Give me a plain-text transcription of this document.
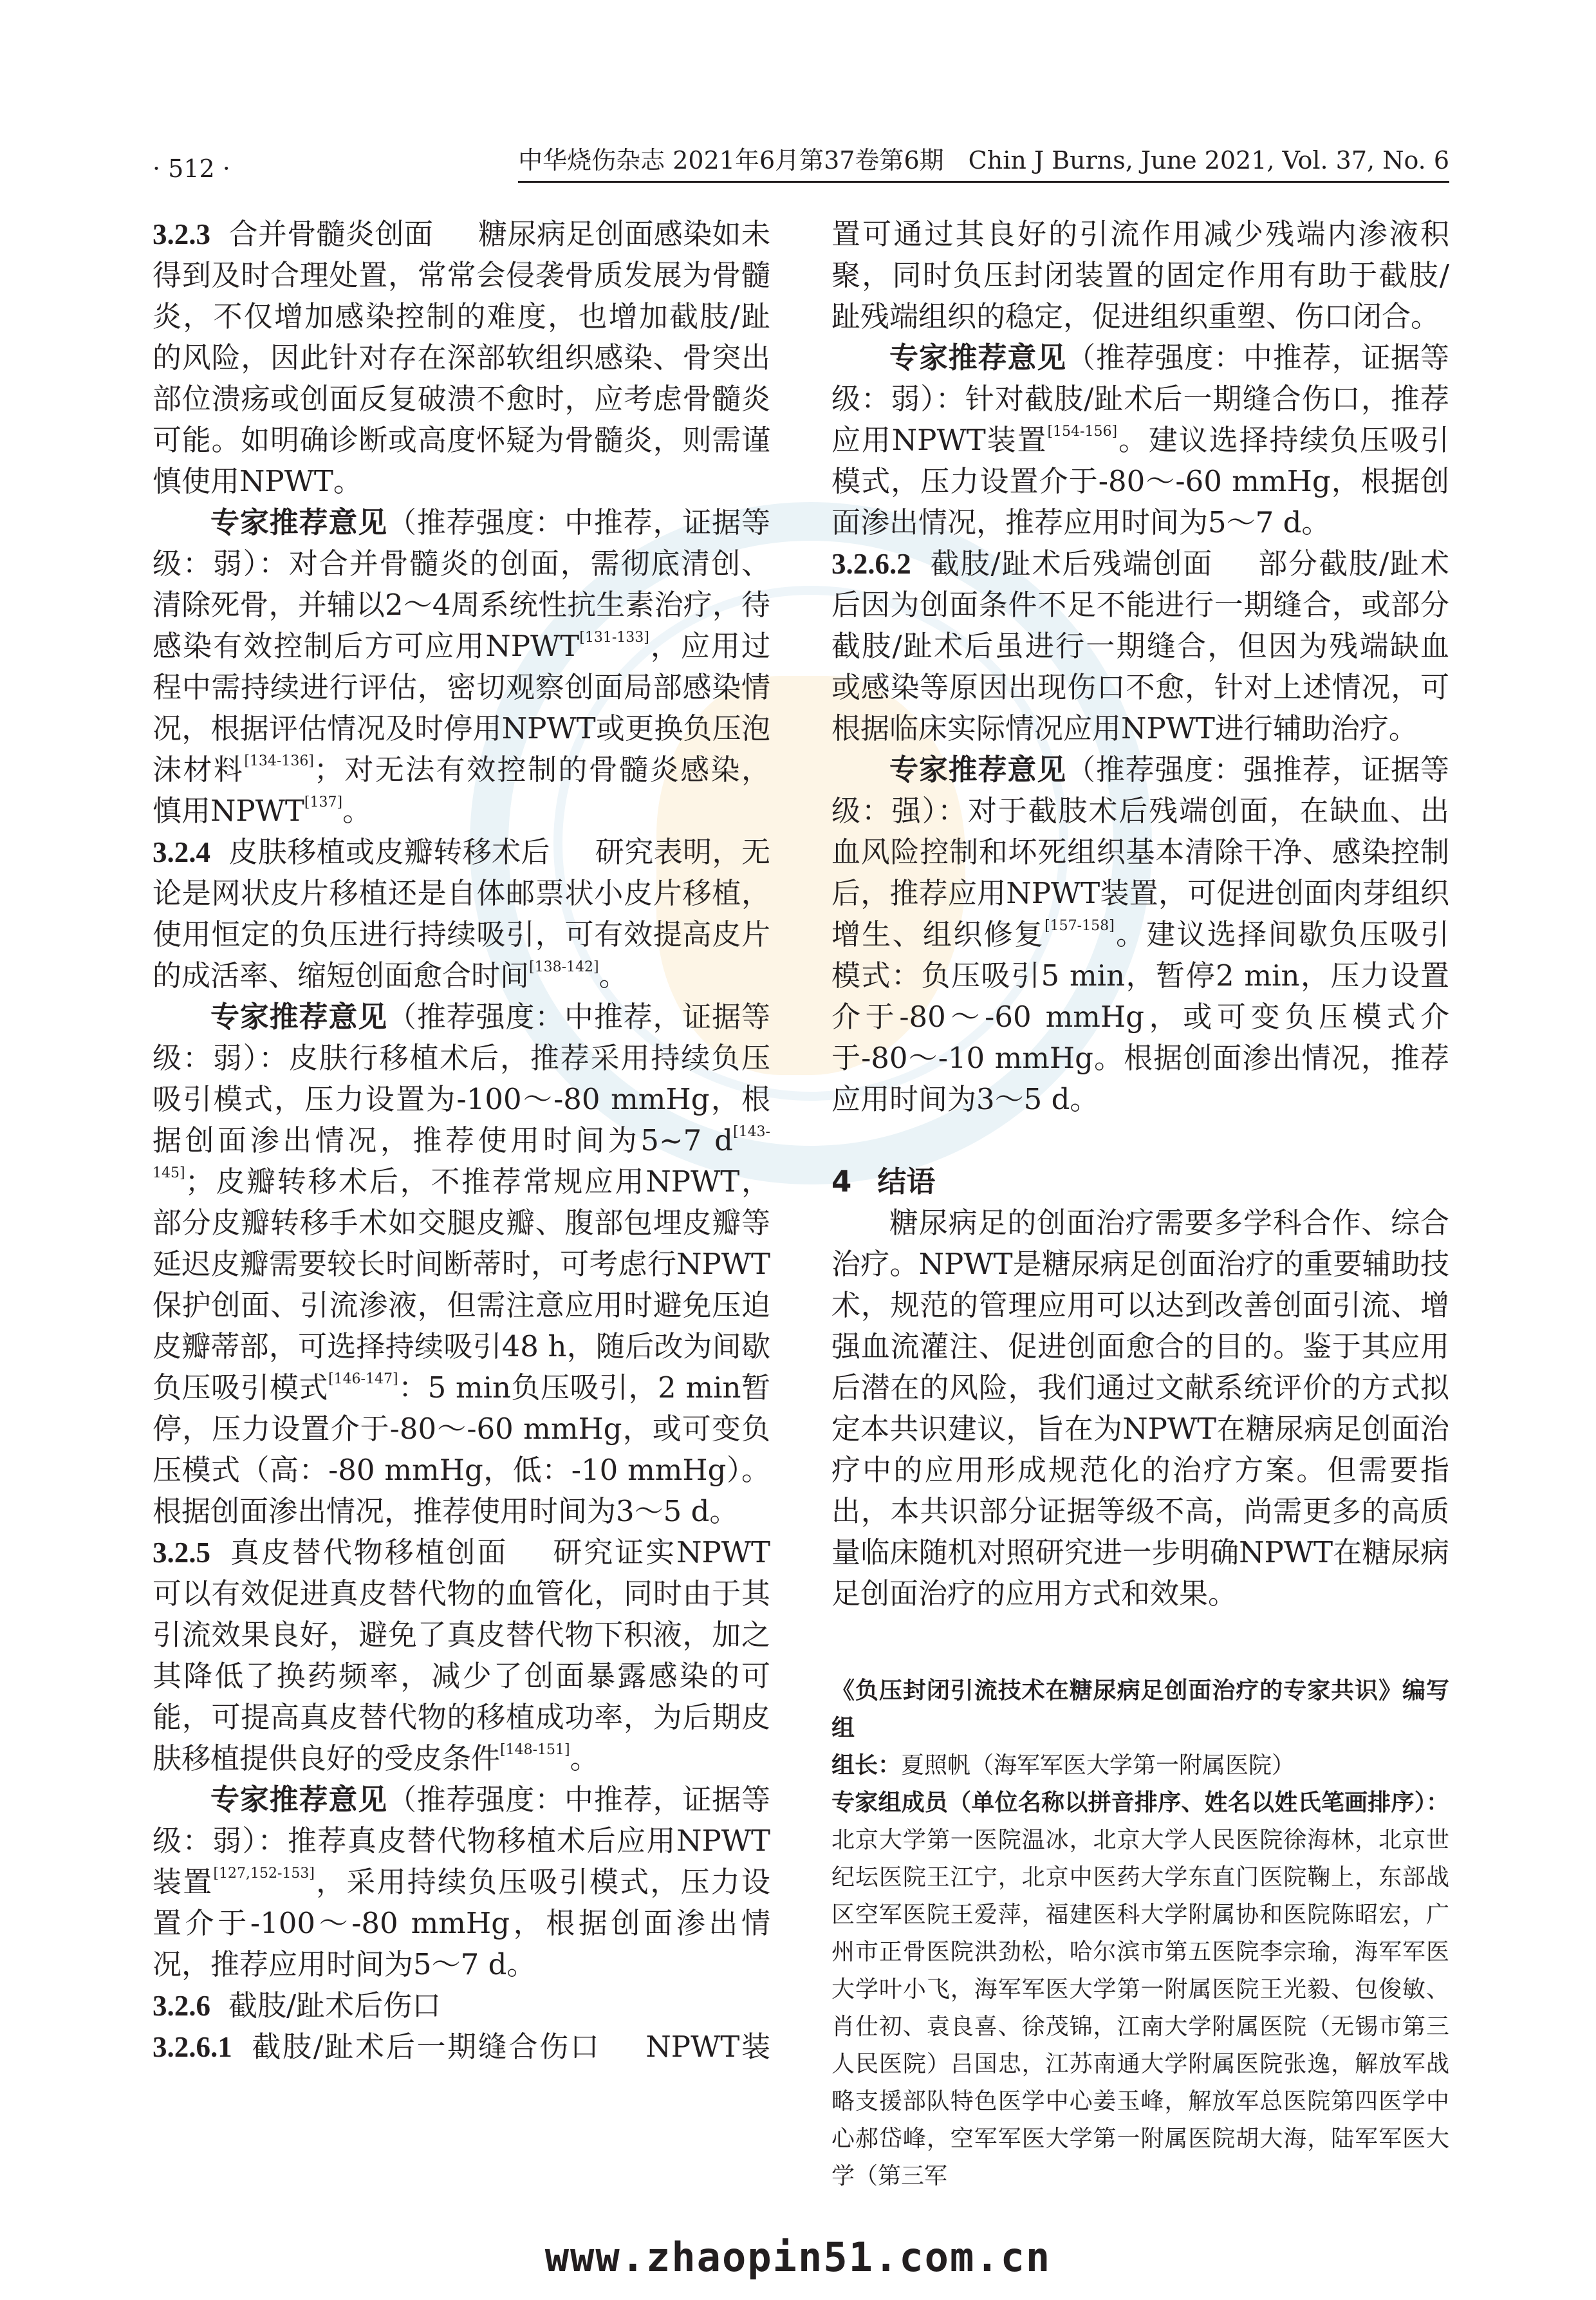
· 512 ·	中华烧伤杂志 2021年6月第37卷第6期　Chin J Burns, June 2021, Vol. 37, No. 6
3.2.3 合并骨髓炎创面 糖尿病足创面感染如未得到及时合理处置，常常会侵袭骨质发展为骨髓炎，不仅增加感染控制的难度，也增加截肢/趾的风险，因此针对存在深部软组织感染、骨突出部位溃疡或创面反复破溃不愈时，应考虑骨髓炎可能。如明确诊断或高度怀疑为骨髓炎，则需谨慎使用NPWT。
专家推荐意见（推荐强度：中推荐，证据等级：弱）：对合并骨髓炎的创面，需彻底清创、清除死骨，并辅以2～4周系统性抗生素治疗，待感染有效控制后方可应用NPWT[131-133]，应用过程中需持续进行评估，密切观察创面局部感染情况，根据评估情况及时停用NPWT或更换负压泡沫材料[134-136]；对无法有效控制的骨髓炎感染，慎用NPWT[137]。
3.2.4 皮肤移植或皮瓣转移术后 研究表明，无论是网状皮片移植还是自体邮票状小皮片移植，使用恒定的负压进行持续吸引，可有效提高皮片的成活率、缩短创面愈合时间[138-142]。
专家推荐意见（推荐强度：中推荐，证据等级：弱）：皮肤行移植术后，推荐采用持续负压吸引模式，压力设置为-100～-80 mmHg，根据创面渗出情况，推荐使用时间为5~7 d[143-145]；皮瓣转移术后，不推荐常规应用NPWT，部分皮瓣转移手术如交腿皮瓣、腹部包埋皮瓣等延迟皮瓣需要较长时间断蒂时，可考虑行NPWT保护创面、引流渗液，但需注意应用时避免压迫皮瓣蒂部，可选择持续吸引48 h，随后改为间歇负压吸引模式[146-147]：5 min负压吸引，2 min暂停，压力设置介于-80～-60 mmHg，或可变负压模式（高：-80 mmHg，低：-10 mmHg）。根据创面渗出情况，推荐使用时间为3～5 d。
3.2.5 真皮替代物移植创面 研究证实NPWT可以有效促进真皮替代物的血管化，同时由于其引流效果良好，避免了真皮替代物下积液，加之其降低了换药频率，减少了创面暴露感染的可能，可提高真皮替代物的移植成功率，为后期皮肤移植提供良好的受皮条件[148-151]。
专家推荐意见（推荐强度：中推荐，证据等级：弱）：推荐真皮替代物移植术后应用NPWT装置[127,152-153]，采用持续负压吸引模式，压力设置介于-100～-80 mmHg，根据创面渗出情况，推荐应用时间为5～7 d。
3.2.6 截肢/趾术后伤口
3.2.6.1 截肢/趾术后一期缝合伤口 NPWT装
置可通过其良好的引流作用减少残端内渗液积聚，同时负压封闭装置的固定作用有助于截肢/趾残端组织的稳定，促进组织重塑、伤口闭合。
专家推荐意见（推荐强度：中推荐，证据等级：弱）：针对截肢/趾术后一期缝合伤口，推荐应用NPWT装置[154-156]。建议选择持续负压吸引模式，压力设置介于-80～-60 mmHg，根据创面渗出情况，推荐应用时间为5～7 d。
3.2.6.2 截肢/趾术后残端创面 部分截肢/趾术后因为创面条件不足不能进行一期缝合，或部分截肢/趾术后虽进行一期缝合，但因为残端缺血或感染等原因出现伤口不愈，针对上述情况，可根据临床实际情况应用NPWT进行辅助治疗。
专家推荐意见（推荐强度：强推荐，证据等级：强）：对于截肢术后残端创面，在缺血、出血风险控制和坏死组织基本清除干净、感染控制后，推荐应用NPWT装置，可促进创面肉芽组织增生、组织修复[157-158]。建议选择间歇负压吸引模式：负压吸引5 min，暂停2 min，压力设置介于-80～-60 mmHg，或可变负压模式介于-80～-10 mmHg。根据创面渗出情况，推荐应用时间为3～5 d。
4 结语
糖尿病足的创面治疗需要多学科合作、综合治疗。NPWT是糖尿病足创面治疗的重要辅助技术，规范的管理应用可以达到改善创面引流、增强血流灌注、促进创面愈合的目的。鉴于其应用后潜在的风险，我们通过文献系统评价的方式拟定本共识建议，旨在为NPWT在糖尿病足创面治疗中的应用形成规范化的治疗方案。但需要指出，本共识部分证据等级不高，尚需更多的高质量临床随机对照研究进一步明确NPWT在糖尿病足创面治疗的应用方式和效果。
《负压封闭引流技术在糖尿病足创面治疗的专家共识》编写组
组长：夏照帆（海军军医大学第一附属医院）
专家组成员（单位名称以拼音排序、姓名以姓氏笔画排序）：北京大学第一医院温冰，北京大学人民医院徐海林，北京世纪坛医院王江宁，北京中医药大学东直门医院鞠上，东部战区空军医院王爱萍，福建医科大学附属协和医院陈昭宏，广州市正骨医院洪劲松，哈尔滨市第五医院李宗瑜，海军军医大学叶小飞，海军军医大学第一附属医院王光毅、包俊敏、肖仕初、袁良喜、徐茂锦，江南大学附属医院（无锡市第三人民医院）吕国忠，江苏南通大学附属医院张逸，解放军战略支援部队特色医学中心姜玉峰，解放军总医院第四医学中心郝岱峰，空军军医大学第一附属医院胡大海，陆军军医大学（第三军
www.zhaopin51.com.cn
